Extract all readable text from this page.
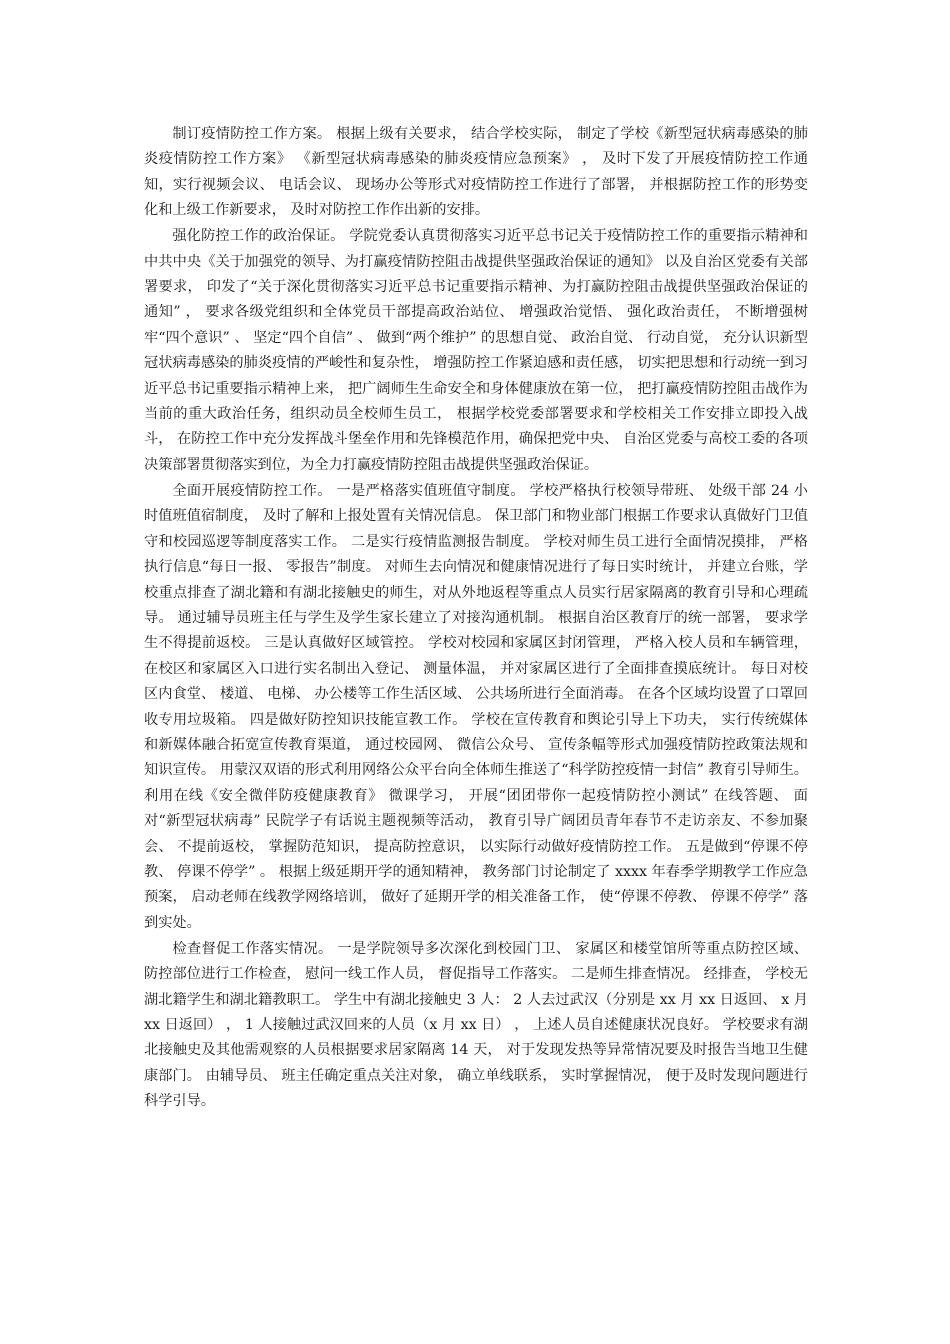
制订疫情防控工作方案。 根据上级有关要求， 结合学校实际， 制定了学校《新型冠状病毒感染的肺炎疫情防控工作方案》 《新型冠状病毒感染的肺炎疫情应急预案》 ， 及时下发了开展疫情防控工作通知，实行视频会议、 电话会议、 现场办公等形式对疫情防控工作进行了部署， 并根据防控工作的形势变化和上级工作新要求， 及时对防控工作作出新的安排。

强化防控工作的政治保证。 学院党委认真贯彻落实习近平总书记关于疫情防控工作的重要指示精神和中共中央《关于加强党的领导、为打赢疫情防控阻击战提供坚强政治保证的通知》 以及自治区党委有关部署要求， 印发了“关于深化贯彻落实习近平总书记重要指示精神、为打赢防控阻击战提供坚强政治保证的通知” ， 要求各级党组织和全体党员干部提高政治站位、 增强政治觉悟、 强化政治责任， 不断增强树牢“四个意识” 、 坚定“四个自信” 、 做到“两个维护” 的思想自觉、 政治自觉、 行动自觉， 充分认识新型冠状病毒感染的肺炎疫情的严峻性和复杂性， 增强防控工作紧迫感和责任感， 切实把思想和行动统一到习近平总书记重要指示精神上来， 把广阔师生生命安全和身体健康放在第一位， 把打赢疫情防控阻击战作为当前的重大政治任务，组织动员全校师生员工， 根据学校党委部署要求和学校相关工作安排立即投入战斗， 在防控工作中充分发挥战斗堡垒作用和先锋模范作用，确保把党中央、 自治区党委与高校工委的各项决策部署贯彻落实到位，为全力打赢疫情防控阻击战提供坚强政治保证。

全面开展疫情防控工作。 一是严格落实值班值守制度。 学校严格执行校领导带班、 处级干部 24 小时值班值宿制度， 及时了解和上报处置有关情况信息。 保卫部门和物业部门根据工作要求认真做好门卫值守和校园巡逻等制度落实工作。 二是实行疫情监测报告制度。 学校对师生员工进行全面情况摸排， 严格执行信息“每日一报、 零报告”制度。 对师生去向情况和健康情况进行了每日实时统计， 并建立台账，学校重点排查了湖北籍和有湖北接触史的师生，对从外地返程等重点人员实行居家隔离的教育引导和心理疏导。 通过辅导员班主任与学生及学生家长建立了对接沟通机制。 根据自治区教育厅的统一部署， 要求学生不得提前返校。 三是认真做好区域管控。 学校对校园和家属区封闭管理， 严格入校人员和车辆管理， 在校区和家属区入口进行实名制出入登记、 测量体温， 并对家属区进行了全面排查摸底统计。 每日对校区内食堂、 楼道、 电梯、 办公楼等工作生活区域、 公共场所进行全面消毒。 在各个区域均设置了口罩回收专用垃圾箱。 四是做好防控知识技能宣教工作。 学校在宣传教育和舆论引导上下功夫， 实行传统媒体和新媒体融合拓宽宣传教育渠道， 通过校园网、 微信公众号、 宣传条幅等形式加强疫情防控政策法规和知识宣传。 用蒙汉双语的形式利用网络公众平台向全体师生推送了“科学防控疫情一封信” 教育引导师生。 利用在线《安全微伴防疫健康教育》 微课学习， 开展“团团带你一起疫情防控小测试” 在线答题、 面对“新型冠状病毒” 民院学子有话说主题视频等活动， 教育引导广阔团员青年春节不走访亲友、不参加聚会、 不提前返校， 掌握防范知识， 提高防控意识， 以实际行动做好疫情防控工作。 五是做到“停课不停教、 停课不停学” 。 根据上级延期开学的通知精神， 教务部门讨论制定了 xxxx 年春季学期教学工作应急预案， 启动老师在线教学网络培训， 做好了延期开学的相关准备工作， 使“停课不停教、 停课不停学” 落到实处。

检查督促工作落实情况。 一是学院领导多次深化到校园门卫、 家属区和楼堂馆所等重点防控区域、 防控部位进行工作检查， 慰问一线工作人员， 督促指导工作落实。 二是师生排查情况。 经排查， 学校无湖北籍学生和湖北籍教职工。 学生中有湖北接触史 3 人： 2 人去过武汉（分别是 xx 月 xx 日返回、 x 月 xx 日返回） ， 1 人接触过武汉回来的人员（x 月 xx 日） ， 上述人员自述健康状况良好。 学校要求有湖北接触史及其他需观察的人员根据要求居家隔离 14 天， 对于发现发热等异常情况要及时报告当地卫生健康部门。 由辅导员、 班主任确定重点关注对象， 确立单线联系， 实时掌握情况， 便于及时发现问题进行科学引导。
